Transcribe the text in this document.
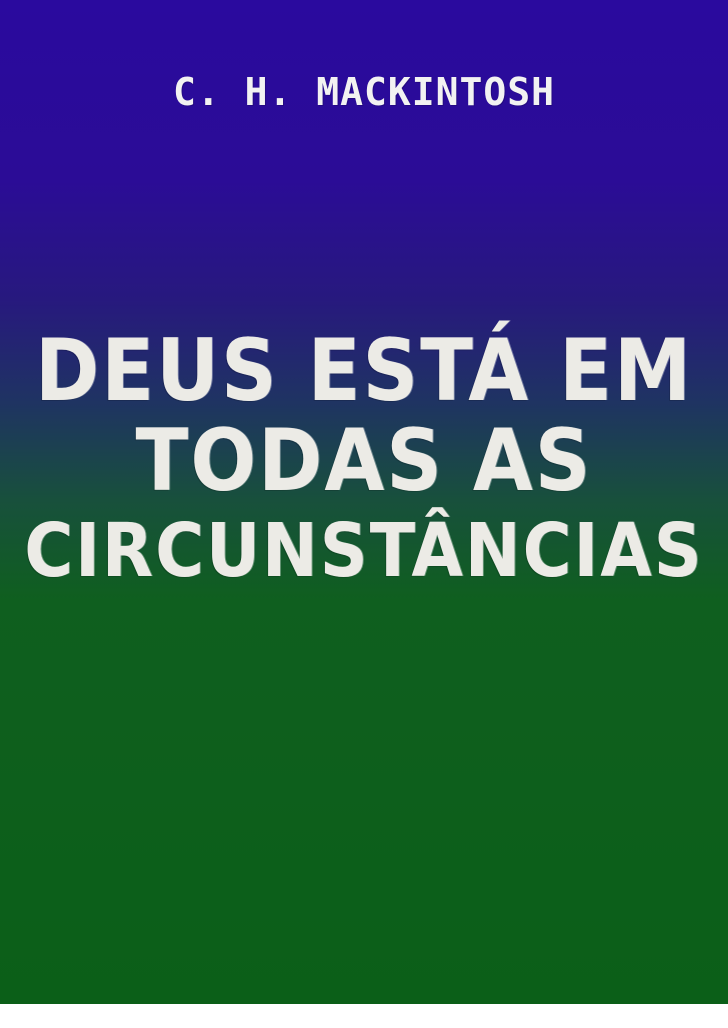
C. H. MACKINTOSH
DEUS ESTÁ EM
TODAS AS
CIRCUNSTÂNCIAS
